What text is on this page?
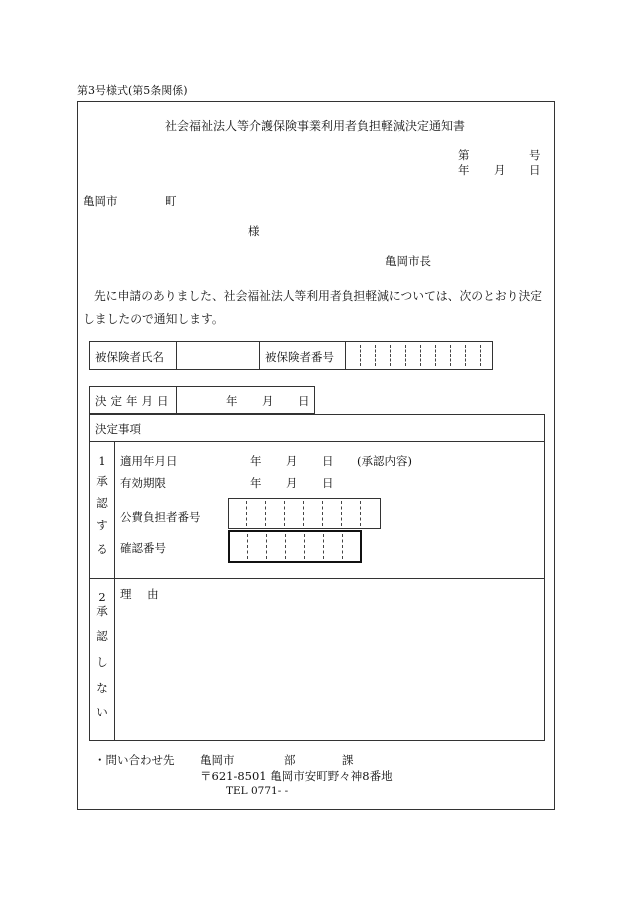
第3号様式(第5条関係)
社会福祉法人等介護保険事業利用者負担軽減決定通知書
第	号
年 月 日
亀岡市	町
様
亀岡市長
先に申請のありました、社会福祉法人等利用者負担軽減については、次のとおり決定
しましたので通知します。
被保険者氏名	被保険者番号
決定年月日	年 月 日
決定事項
1
承
認
す
る
適用年月日	年 月 日 (承認内容)
有効期限	年 月 日
公費負担者番号
確認番号
2
承
認
し
な
い
理 由
・問い合わせ先 亀岡市	部	課
〒621-8501 亀岡市安町野々神8番地
TEL 0771- -
